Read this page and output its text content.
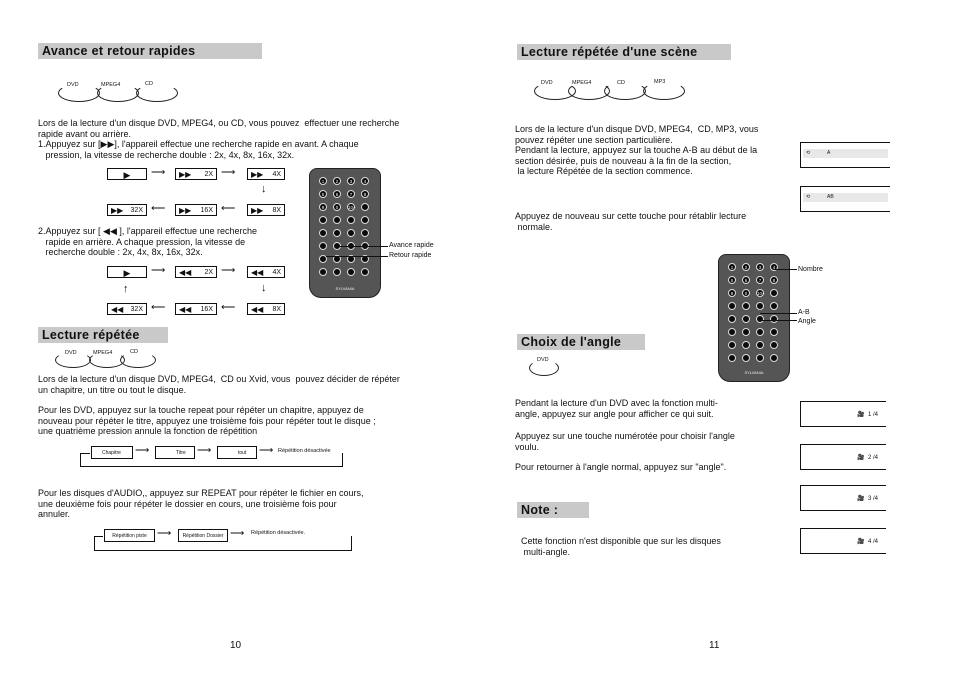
Avance et retour rapides
DVD	MPEG4	CD
Lors de la lecture d'un disque DVD, MPEG4, ou CD, vous pouvez  effectuer une recherche
rapide avant ou arrière.
1.Appuyez sur [▶▶], l'appareil effectue une recherche rapide en avant. A chaque
pression, la vitesse de recherche double : 2x, 4x, 8x, 16x, 32x.
▶	▶▶ 2X	▶▶ 4X
▶▶ 32X	▶▶ 16X	▶▶ 8X
⟶	⟶
⟵	⟵
↓
2.Appuyez sur [ ◀◀ ], l'appareil effectue une recherche
rapide en arrière. A chaque pression, la vitesse de
recherche double : 2x, 4x, 8x, 16x, 32x.
▶	◀◀ 2X	◀◀ 4X
◀◀ 32X	◀◀ 16X	◀◀ 8X
⟶	⟶
⟵	⟵
↓
↑
1	2	3	4
5	6	7	8
9	0	10+
SYLVANIA
Avance rapide
Retour rapide
Lecture répétée
DVD	MPEG4	CD
Lors de la lecture d'un disque DVD, MPEG4,  CD ou Xvid, vous  pouvez décider de répéter
un chapitre, un titre ou tout le disque.
Pour les DVD, appuyez sur la touche repeat pour répéter un chapitre, appuyez de
nouveau pour répéter le titre, appuyez une troisième fois pour répéter tout le disque ;
une quatrième pression annule la fonction de répétition
Chapitre	Titre	tout	Répétition désactivée
⟶	⟶	⟶
Pour les disques d'AUDIO,, appuyez sur REPEAT pour répéter le fichier en cours,
une deuxième fois pour répéter le dossier en cours, une troisième fois pour
annuler.
Répétition piste	Répétition Dossier	Répétition désactivée.
⟶	⟶
10
Lecture répétée d'une scène
DVD	MPEG4	CD	MP3
Lors de la lecture d'un disque DVD, MPEG4,  CD, MP3, vous
pouvez répéter une section particulière.
Pendant la lecture, appuyez sur la touche A-B au début de la
section désirée, puis de nouveau à la fin de la section,
la lecture Répétée de la section commence.
⟲	A
⟲	AB
Appuyez de nouveau sur cette touche pour rétablir lecture
normale.
1	2	3	4
5	6	7	8
9	0	10+
SYLVANIA
Nombre
A-B
Angle
Choix de l'angle
DVD
Pendant la lecture d'un DVD avec la fonction multi-
angle, appuyez sur angle pour afficher ce qui suit.
Appuyez sur une touche numérotée pour choisir l'angle
voulu.
Pour retourner à l'angle normal, appuyez sur "angle".
🎥 1 /4
🎥 2 /4
🎥 3 /4
🎥 4 /4
Note :
Cette fonction n'est disponible que sur les disques
multi-angle.
11
